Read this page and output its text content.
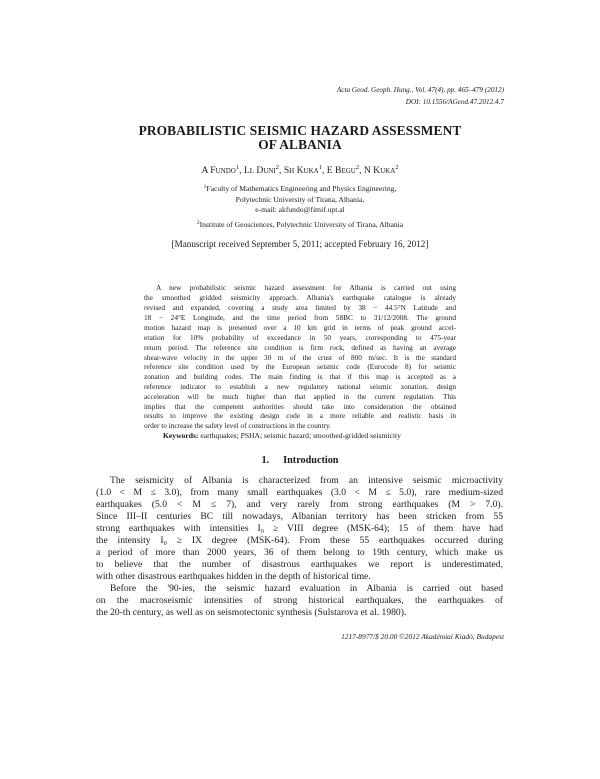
Acta Geod. Geoph. Hung., Vol. 47(4), pp. 465–479 (2012)
DOI: 10.1556/AGeod.47.2012.4.7
PROBABILISTIC SEISMIC HAZARD ASSESSMENT
OF ALBANIA
A Fundo$^1$, Ll Duni$^2$, Sh Kuka$^1$, E Begu$^2$, N Kuka$^2$
$^1$Faculty of Mathematics Engineering and Physics Engineering,
Polytechnic University of Tirana, Albania,
e-mail: akfundo@fimif.upt.al
$^2$Institute of Geosciences, Polytechnic University of Tirana, Albania
[Manuscript received September 5, 2011; accepted February 16, 2012]
A new probabilistic seismic hazard assessment for Albania is carried out using
the smoothed gridded seismicity approach. Albania's earthquake catalogue is already
revised and expanded, covering a study area limited by 38 − 44.5°N Latitude and
18 − 24°E Longitude, and the time period from 58BC to 31/12/2008. The ground
motion hazard map is presented over a 10 km grid in terms of peak ground accel-
eration for 10% probability of exceedance in 50 years, corresponding to 475-year
return period. The reference site condition is firm rock, defined as having an average
shear-wave velocity in the upper 30 m of the crust of 800 m/sec. It is the standard
reference site condition used by the European seismic code (Eurocode 8) for seismic
zonation and building codes. The main finding is that if this map is accepted as a
reference indicator to establish a new regulatory national seismic zonation, design
acceleration will be much higher than that applied in the current regulation. This
implies that the competent authorities should take into consideration the obtained
results to improve the existing design code in a more reliable and realistic basis in
order to increase the safety level of constructions in the country.
Keywords: earthquakes; PSHA; seismic hazard; smoothed-gridded seismicity
1. Introduction
The seismicity of Albania is characterized from an intensive seismic microactivity
(1.0 < M ≤ 3.0), from many small earthquakes (3.0 < M ≤ 5.0), rare medium-sized
earthquakes (5.0 < M ≤ 7), and very rarely from strong earthquakes (M > 7.0).
Since III–II centuries BC till nowadays, Albanian territory has been stricken from 55
strong earthquakes with intensities I₀ ≥ VIII degree (MSK-64); 15 of them have had
the intensity I₀ ≥ IX degree (MSK-64). From these 55 earthquakes occurred during
a period of more than 2000 years, 36 of them belong to 19th century, which make us
to believe that the number of disastrous earthquakes we report is underestimated,
with other disastrous earthquakes hidden in the depth of historical time.
Before the '90-ies, the seismic hazard evaluation in Albania is carried out based
on the macroseismic intensities of strong historical earthquakes, the earthquakes of
the 20-th century, as well as on seismotectonic synthesis (Sulstarova et al. 1980).
1217-8977/$ 20.00 ©2012 Akadémiai Kiadó, Budapest
